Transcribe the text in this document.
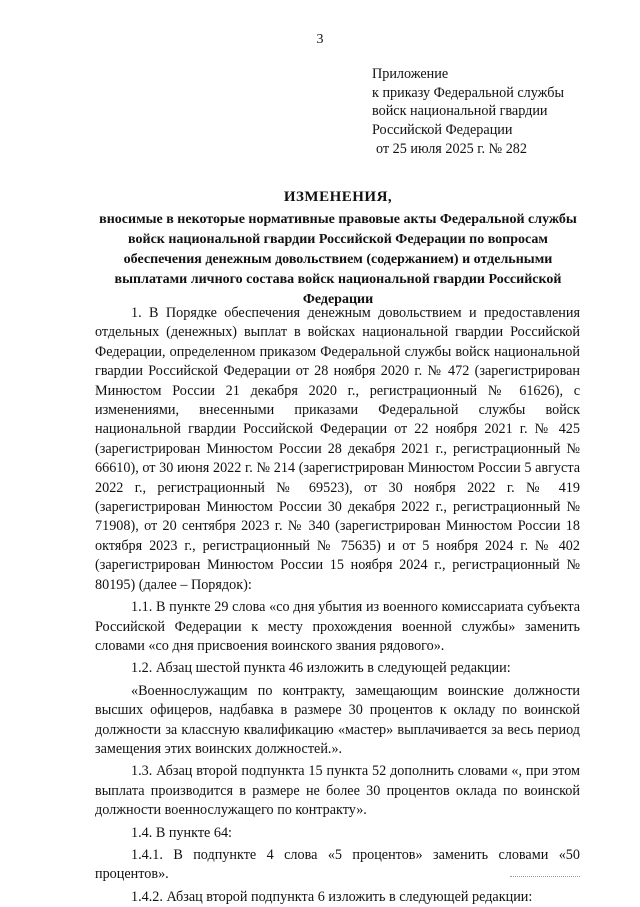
3
Приложение
к приказу Федеральной службы
войск национальной гвардии
Российской Федерации
от 25 июля 2025 г. № 282
ИЗМЕНЕНИЯ,
вносимые в некоторые нормативные правовые акты Федеральной службы войск национальной гвардии Российской Федерации по вопросам обеспечения денежным довольствием (содержанием) и отдельными выплатами личного состава войск национальной гвардии Российской Федерации

1. В Порядке обеспечения денежным довольствием и предоставления отдельных (денежных) выплат в войсках национальной гвардии Российской Федерации, определенном приказом Федеральной службы войск национальной гвардии Российской Федерации от 28 ноября 2020 г. № 472 (зарегистрирован Минюстом России 21 декабря 2020 г., регистрационный № 61626), с изменениями, внесенными приказами Федеральной службы войск национальной гвардии Российской Федерации от 22 ноября 2021 г. № 425 (зарегистрирован Минюстом России 28 декабря 2021 г., регистрационный № 66610), от 30 июня 2022 г. № 214 (зарегистрирован Минюстом России 5 августа 2022 г., регистрационный № 69523), от 30 ноября 2022 г. № 419 (зарегистрирован Минюстом России 30 декабря 2022 г., регистрационный № 71908), от 20 сентября 2023 г. № 340 (зарегистрирован Минюстом России 18 октября 2023 г., регистрационный № 75635) и от 5 ноября 2024 г. № 402 (зарегистрирован Минюстом России 15 ноября 2024 г., регистрационный № 80195) (далее – Порядок):

1.1. В пункте 29 слова «со дня убытия из военного комиссариата субъекта Российской Федерации к месту прохождения военной службы» заменить словами «со дня присвоения воинского звания рядового».

1.2. Абзац шестой пункта 46 изложить в следующей редакции:

«Военнослужащим по контракту, замещающим воинские должности высших офицеров, надбавка в размере 30 процентов к окладу по воинской должности за классную квалификацию «мастер» выплачивается за весь период замещения этих воинских должностей.».

1.3. Абзац второй подпункта 15 пункта 52 дополнить словами «, при этом выплата производится в размере не более 30 процентов оклада по воинской должности военнослужащего по контракту».

1.4. В пункте 64:

1.4.1. В подпункте 4 слова «5 процентов» заменить словами «50 процентов».

1.4.2. Абзац второй подпункта 6 изложить в следующей редакции:
